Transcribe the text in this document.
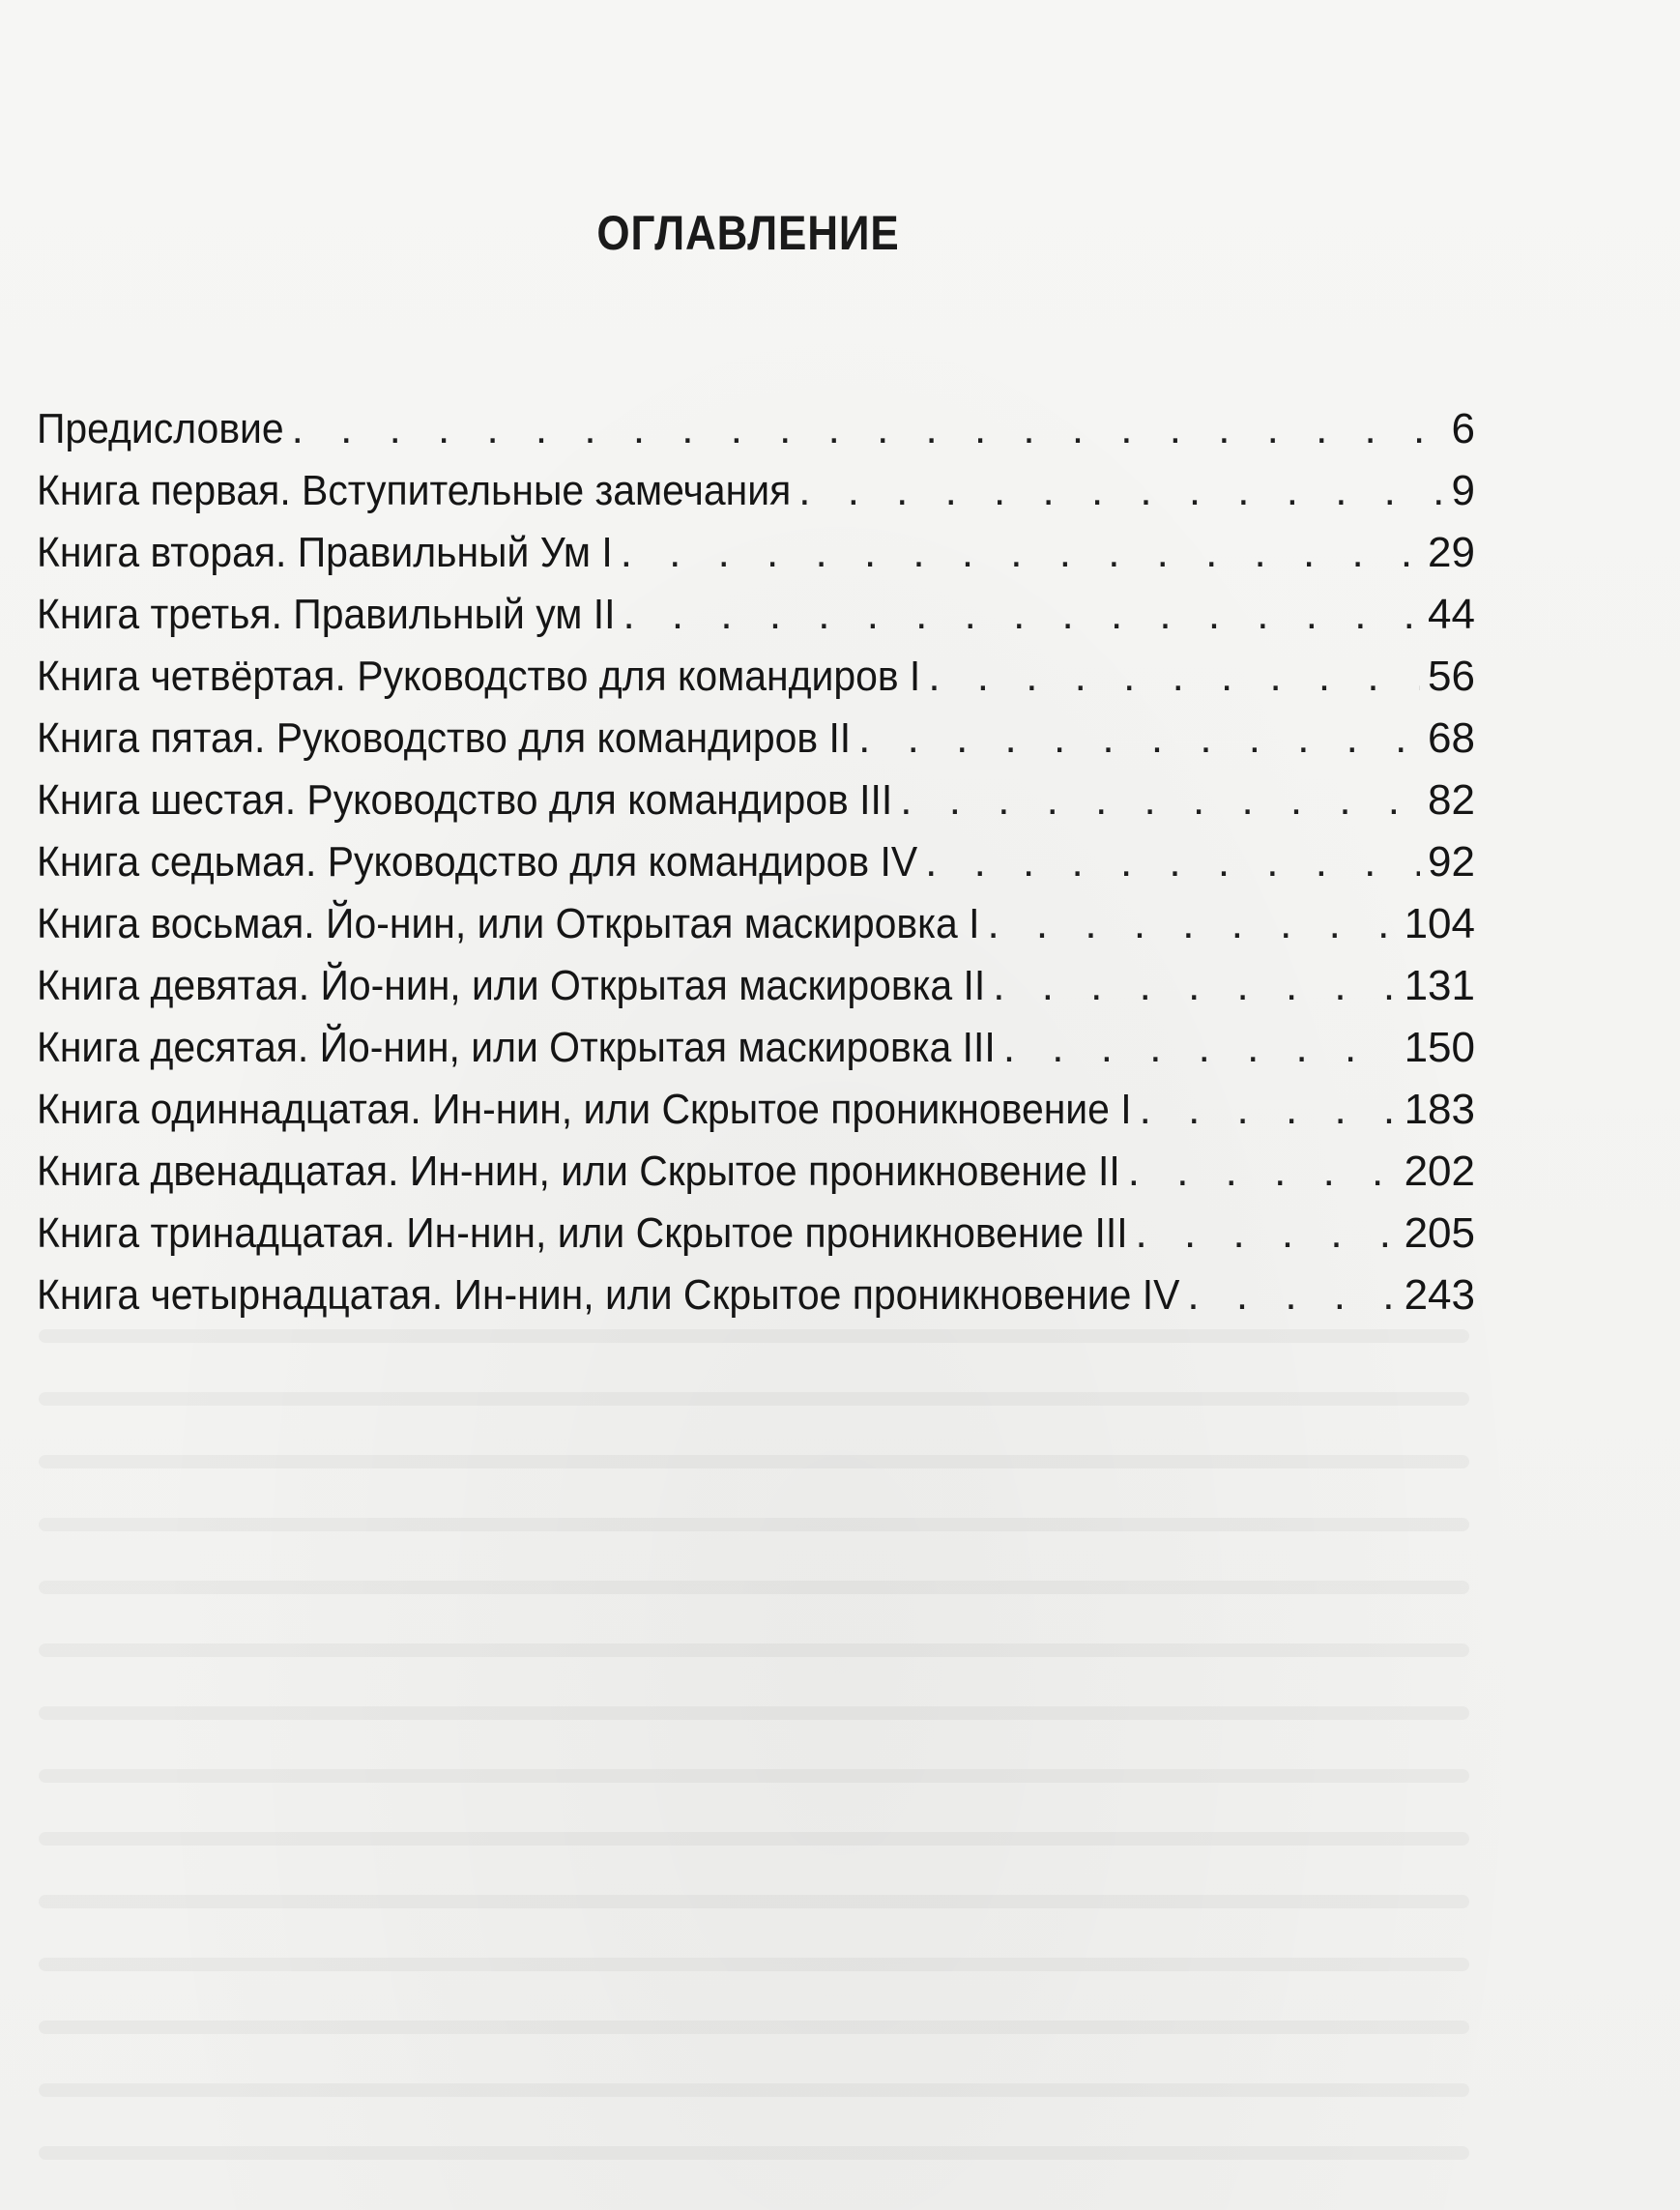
ОГЛАВЛЕНИЕ
Предисловие . . .	6
Книга первая. Вступительные замечания . . .	9
Книга вторая. Правильный Ум I . . .	29
Книга третья. Правильный ум II . . .	44
Книга четвёртая. Руководство для командиров I . . .	56
Книга пятая. Руководство для командиров II . . .	68
Книга шестая. Руководство для командиров III . . .	82
Книга седьмая. Руководство для командиров IV . . .	92
Книга восьмая. Йо-нин, или Открытая маскировка I . . .	104
Книга девятая. Йо-нин, или Открытая маскировка II . . .	131
Книга десятая. Йо-нин, или Открытая маскировка III . . .	150
Книга одиннадцатая. Ин-нин, или Скрытое проникновение I . . .	183
Книга двенадцатая. Ин-нин, или Скрытое проникновение II . . .	202
Книга тринадцатая. Ин-нин, или Скрытое проникновение III . . .	205
Книга четырнадцатая. Ин-нин, или Скрытое проникновение IV . . .	243
